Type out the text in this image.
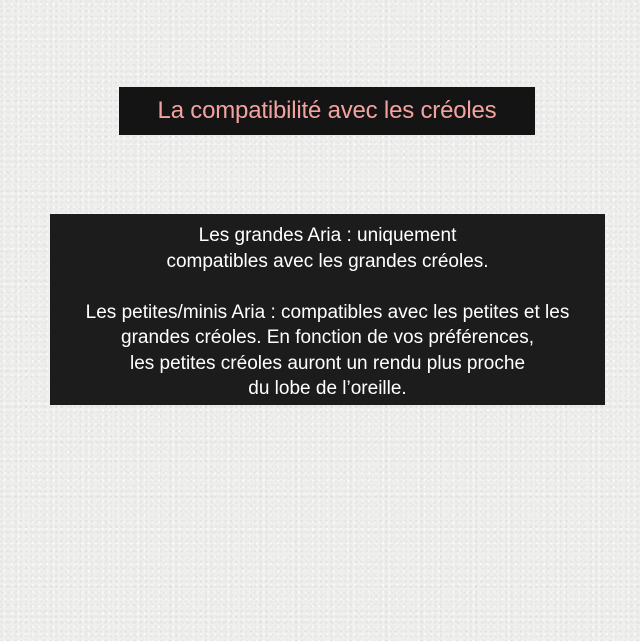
La compatibilité avec les créoles

Les grandes Aria : uniquement
compatibles avec les grandes créoles.

Les petites/minis Aria : compatibles avec les petites et les
grandes créoles. En fonction de vos préférences,
les petites créoles auront un rendu plus proche
du lobe de l’oreille.
